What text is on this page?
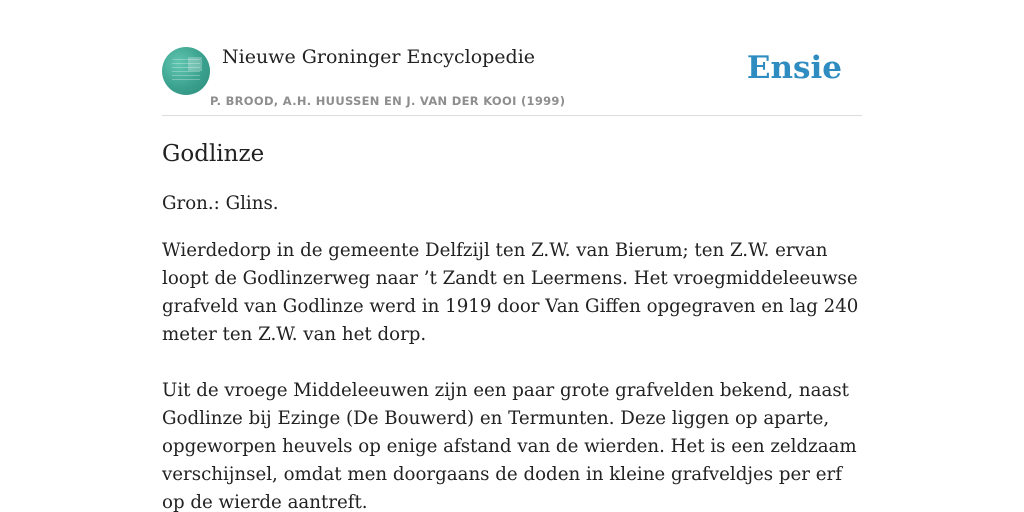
Nieuwe Groninger Encyclopedie
P. BROOD, A.H. HUUSSEN EN J. VAN DER KOOI (1999)
Ensie
Godlinze

Gron.: Glins.

Wierdedorp in de gemeente Delfzijl ten Z.W. van Bierum; ten Z.W. ervan loopt de Godlinzerweg naar ’t Zandt en Leermens. Het vroegmiddeleeuwse grafveld van Godlinze werd in 1919 door Van Giffen opgegraven en lag 240 meter ten Z.W. van het dorp.

Uit de vroege Middeleeuwen zijn een paar grote grafvelden bekend, naast Godlinze bij Ezinge (De Bouwerd) en Termunten. Deze liggen op aparte, opgeworpen heuvels op enige afstand van de wierden. Het is een zeldzaam verschijnsel, omdat men doorgaans de doden in kleine grafveldjes per erf op de wierde aantreft.
